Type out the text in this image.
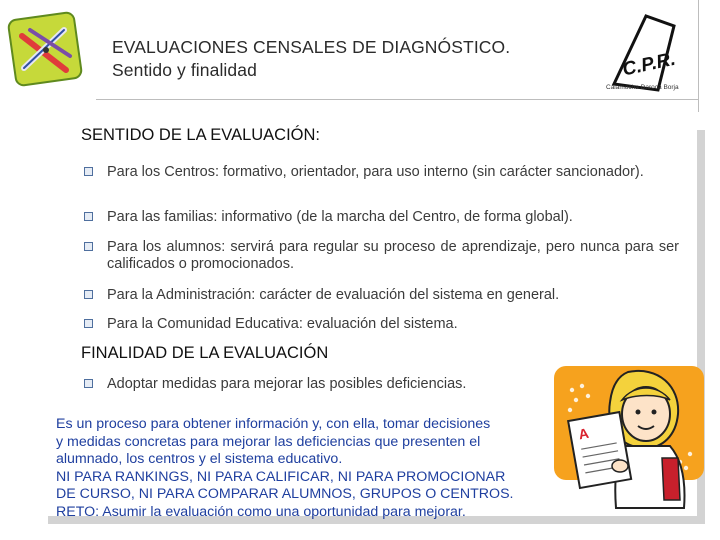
EVALUACIONES CENSALES DE DIAGNÓSTICO.
Sentido y finalidad	C.P.R.
Calamocha Daroca Borja
SENTIDO DE LA EVALUACIÓN:
Para los Centros: formativo, orientador, para uso interno (sin carácter sancionador).
Para las familias: informativo (de la marcha del Centro, de forma global).
Para los alumnos: servirá para regular su proceso de aprendizaje, pero nunca para ser calificados o promocionados.
Para la Administración: carácter de evaluación del sistema en general.
Para la Comunidad Educativa: evaluación del sistema.
FINALIDAD DE LA EVALUACIÓN
Adoptar medidas para mejorar las posibles deficiencias.
A
Es un proceso para obtener información y, con ella, tomar decisiones
y medidas concretas para mejorar las deficiencias que presenten el
alumnado, los centros y el sistema educativo.
NI PARA RANKINGS, NI PARA CALIFICAR, NI PARA PROMOCIONAR
DE CURSO, NI PARA COMPARAR ALUMNOS, GRUPOS O CENTROS.
RETO: Asumir la evaluación como una oportunidad para mejorar.
